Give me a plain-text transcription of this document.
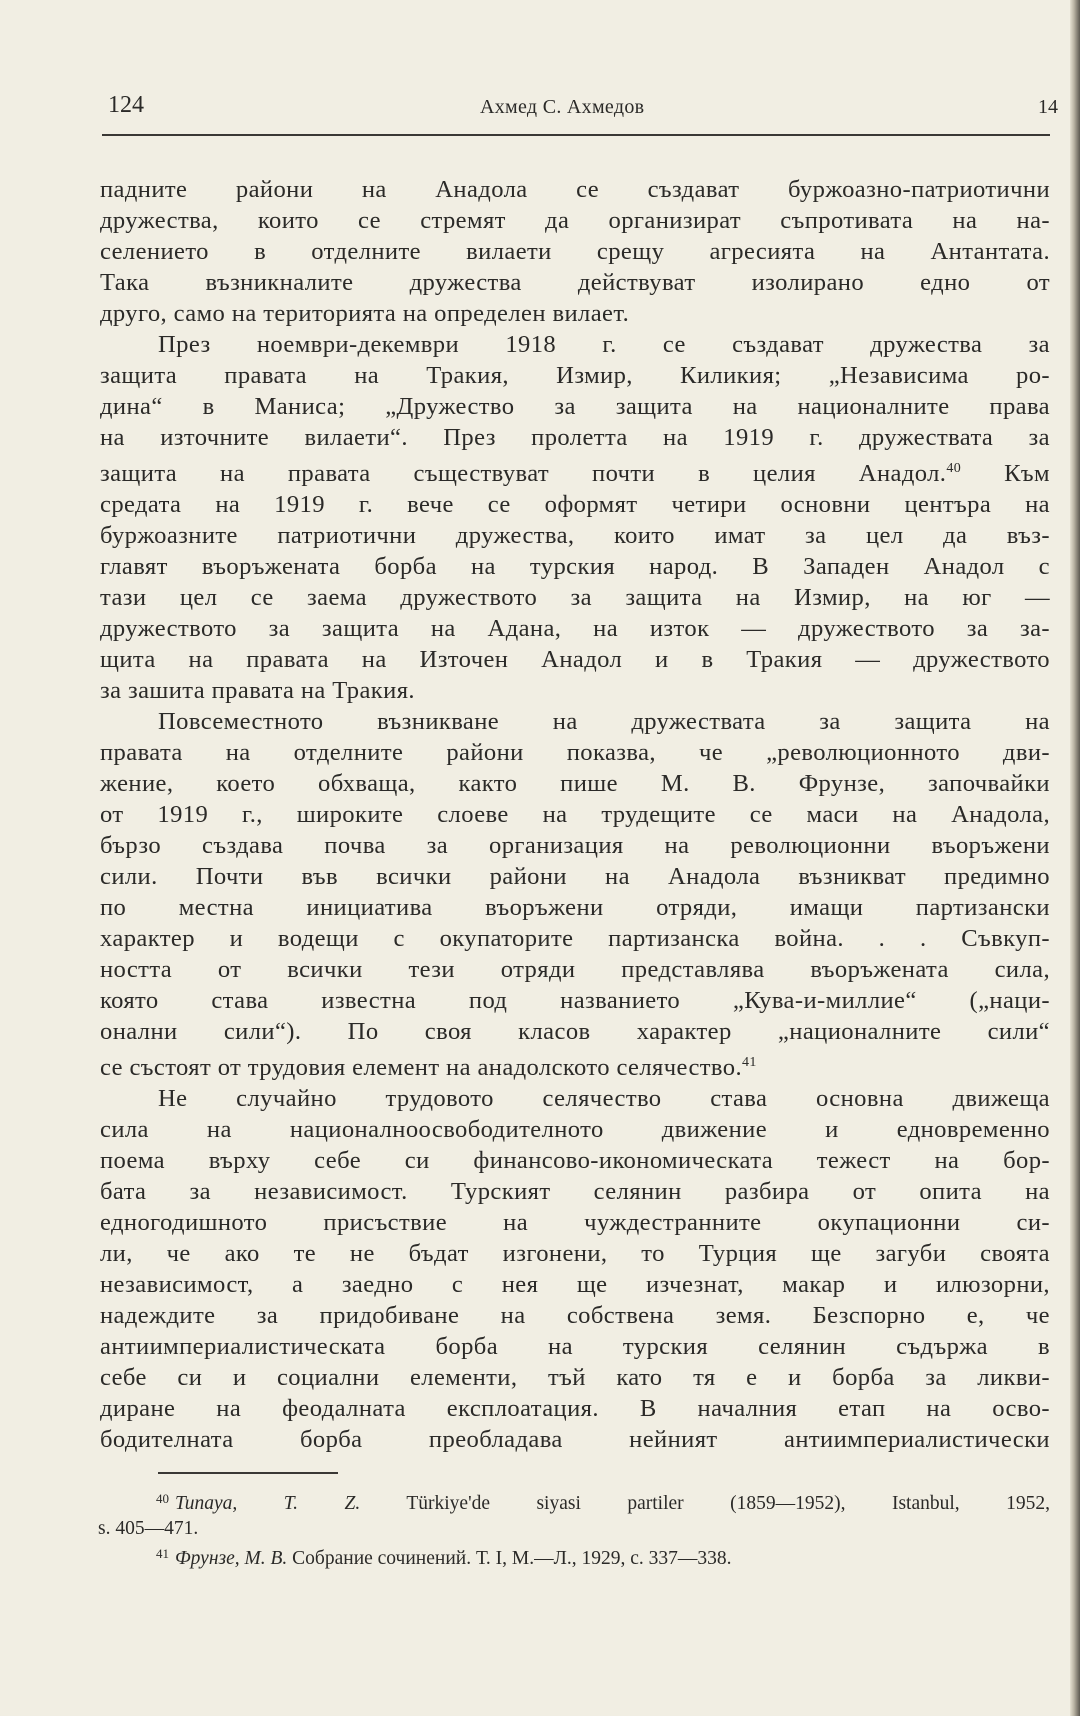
124	Ахмед С. Ахмедов	14
падните райони на Анадола се създават буржоазно-патриотични
дружества, които се стремят да организират съпротивата на на-
селението в отделните вилаети срещу агресията на Антантата.
Така възникналите дружества действуват изолирано едно от
друго, само на територията на определен вилает.
През ноември-декември 1918 г. се създават дружества за
защита правата на Тракия, Измир, Киликия; „Независима ро-
дина“ в Маниса; „Дружество за защита на националните права
на източните вилаети“. През пролетта на 1919 г. дружествата за
защита на правата съществуват почти в целия Анадол.$^{40}$ Към
средата на 1919 г. вече се оформят четири основни центъра на
буржоазните патриотични дружества, които имат за цел да въз-
главят въоръжената борба на турския народ. В Западен Анадол с
тази цел се заема дружеството за защита на Измир, на юг —
дружеството за защита на Адана, на изток — дружеството за за-
щита на правата на Източен Анадол и в Тракия — дружеството
за зашита правата на Тракия.
Повсеместното възникване на дружествата за защита на
правата на отделните райони показва, че „революционното дви-
жение, което обхваща, както пише М. В. Фрунзе, започвайки
от 1919 г., широките слоеве на трудещите се маси на Анадола,
бързо създава почва за организация на революционни въоръжени
сили. Почти във всички райони на Анадола възникват предимно
по местна инициатива въоръжени отряди, имащи партизански
характер и водещи с окупаторите партизанска война. . . Съвкуп-
ността от всички тези отряди представлява въоръжената сила,
която става известна под названието „Кува-и-миллие“ („наци-
онални сили“). По своя класов характер „националните сили“
се състоят от трудовия елемент на анадолското селячество.$^{41}$
Не случайно трудовото селячество става основна движеща
сила на националноосвободителното движение и едновременно
поема върху себе си финансово-икономическата тежест на бор-
бата за независимост. Турският селянин разбира от опита на
едногодишното присъствие на чуждестранните окупационни си-
ли, че ако те не бъдат изгонени, то Турция ще загуби своята
независимост, а заедно с нея ще изчезнат, макар и илюзорни,
надеждите за придобиване на собствена земя. Безспорно е, че
антиимпериалистическата борба на турския селянин съдържа в
себе си и социални елементи, тъй като тя е и борба за ликви-
диране на феодалната експлоатация. В началния етап на осво-
бодителната борба преобладава нейният антиимпериалистически
$^{40}$ Tunaya, T. Z. Türkiye'de siyasi partiler (1859—1952), Istanbul, 1952,
s. 405—471.
$^{41}$ Фрунзе, М. В. Собрание сочинений. Т. I, М.—Л., 1929, с. 337—338.
